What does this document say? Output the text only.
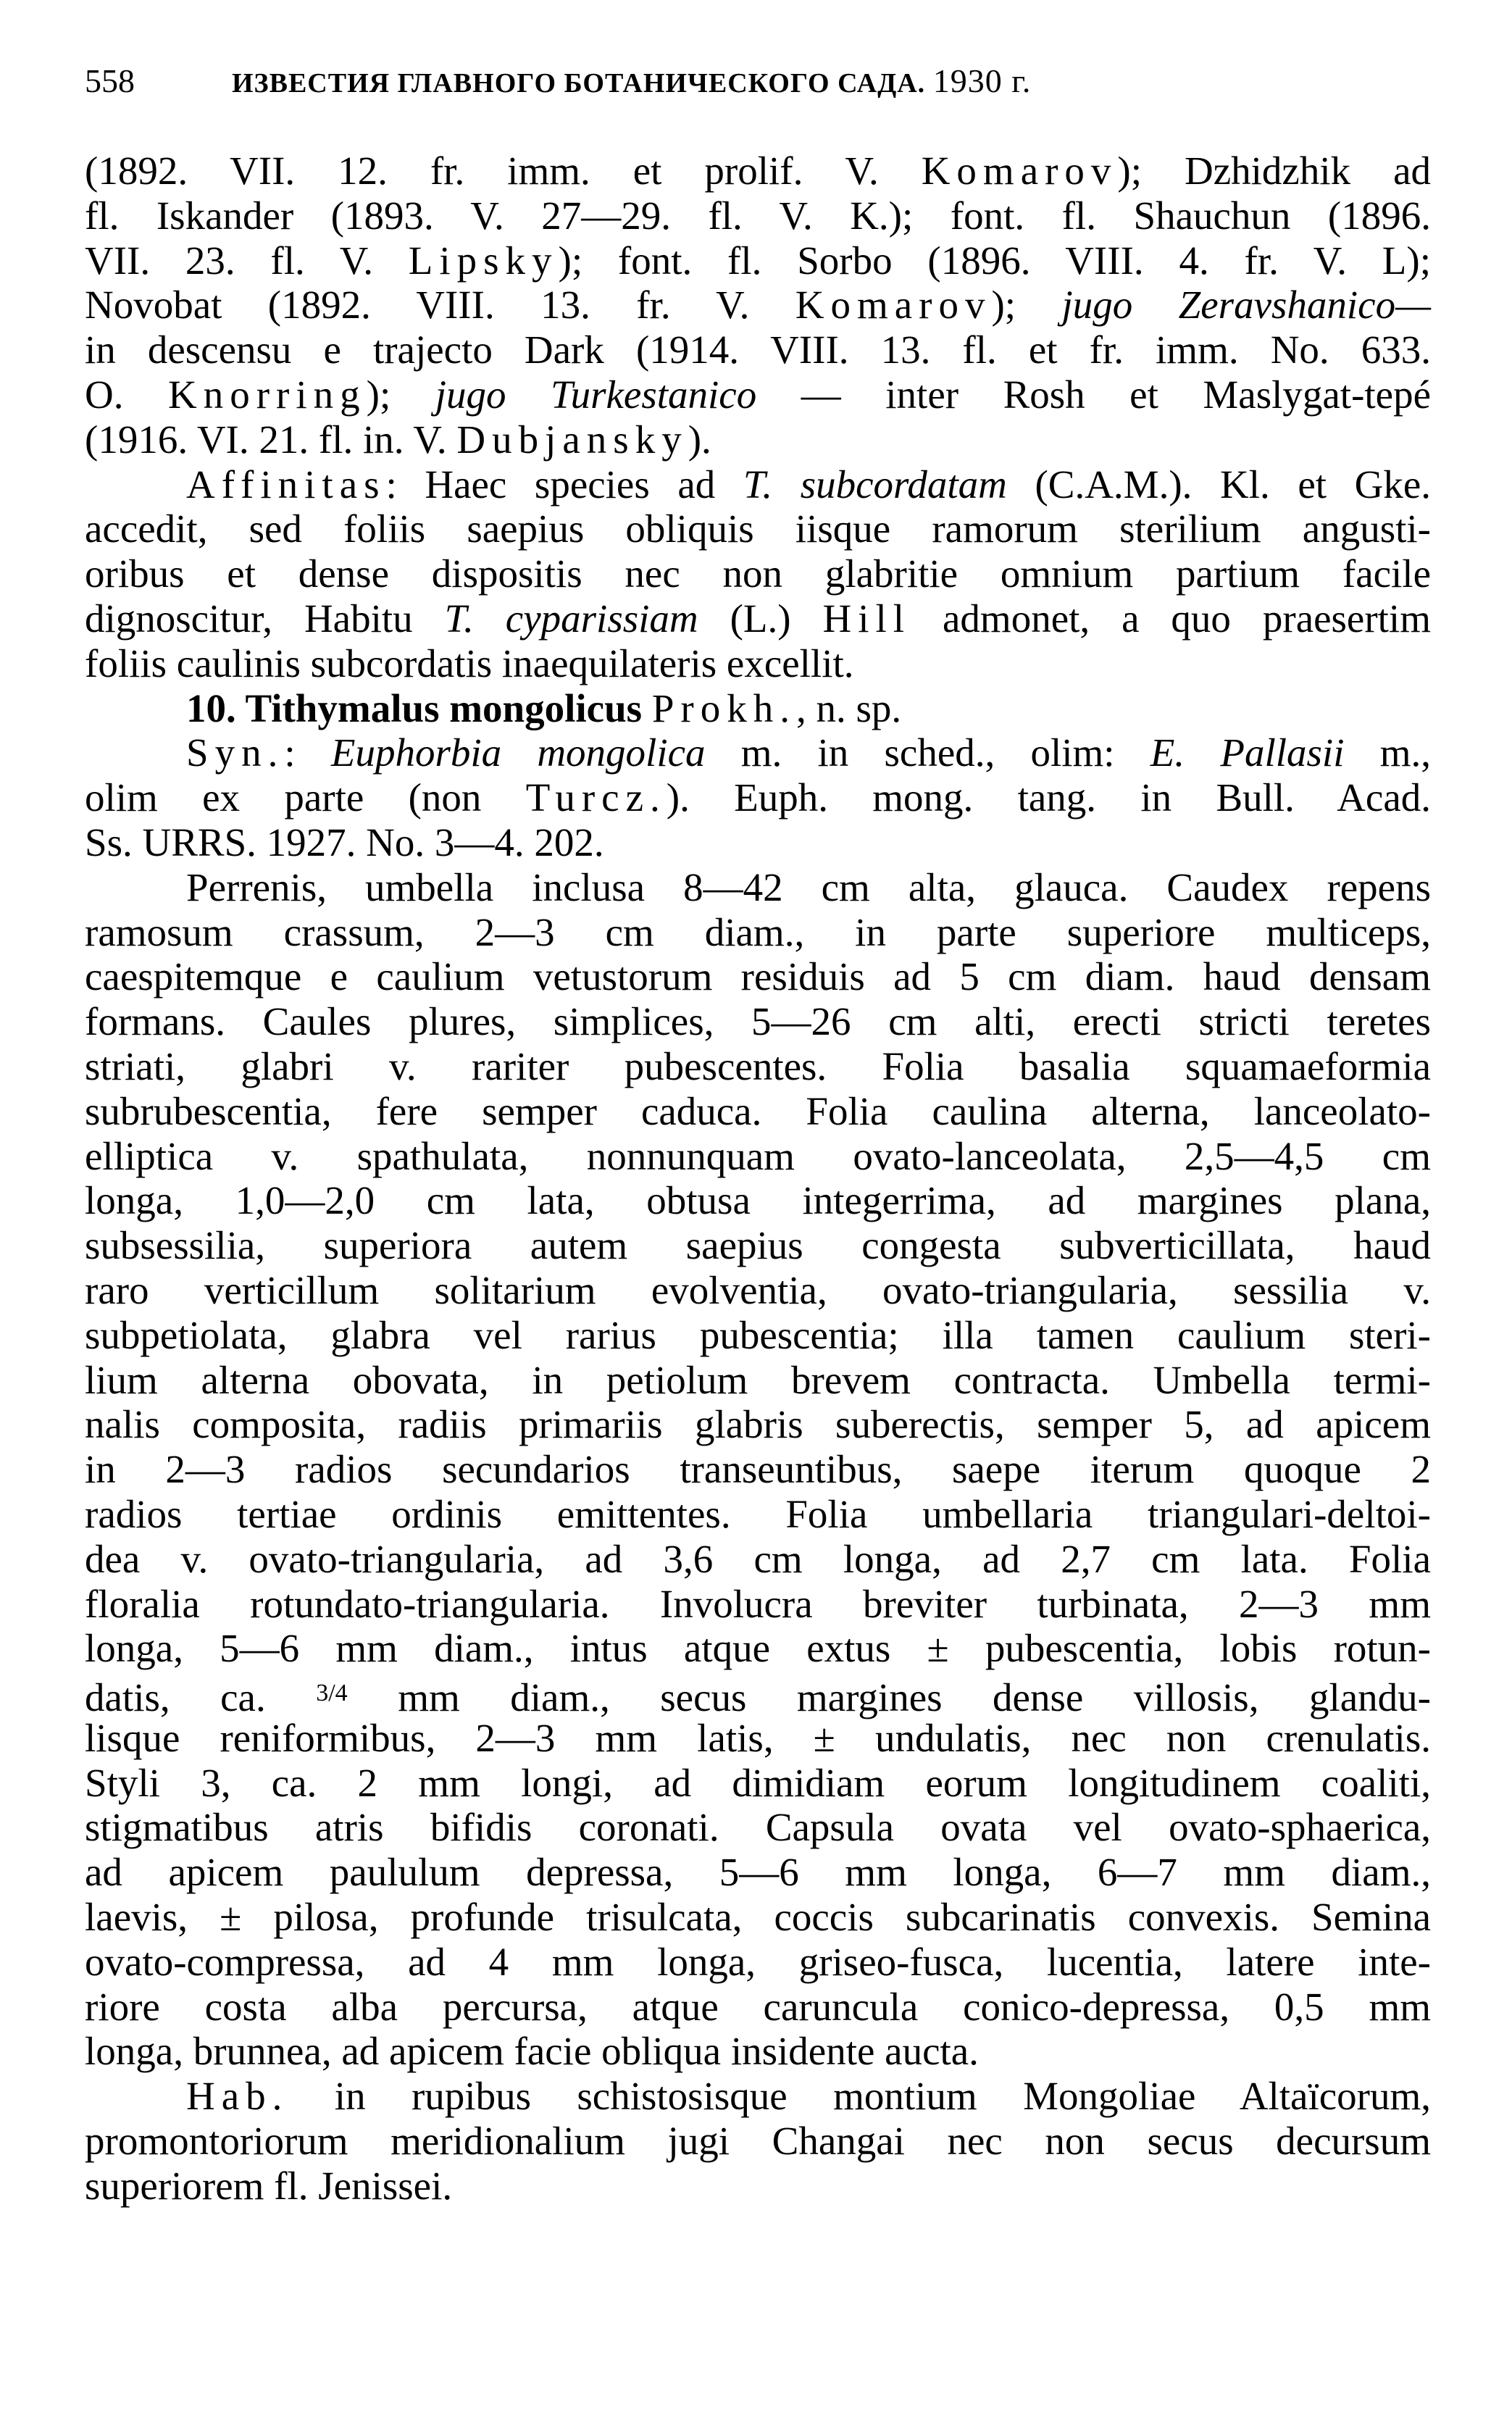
558	ИЗВЕСТИЯ ГЛАВНОГО БОТАНИЧЕСКОГО САДА. 1930 г.
(1892. VII. 12. fr. imm. et prolif. V. Komarov); Dzhidzhik ad
fl. Iskander (1893. V. 27—29. fl. V. K.); font. fl. Shauchun (1896.
VII. 23. fl. V. Lipsky); font. fl. Sorbo (1896. VIII. 4. fr. V. L);
Novobat (1892. VIII. 13. fr. V. Komarov); jugo Zeravshanico—
in descensu e trajecto Dark (1914. VIII. 13. fl. et fr. imm. No. 633.
O. Knorring); jugo Turkestanico — inter Rosh et Maslygat-tepé
(1916. VI. 21. fl. in. V. Dubjansky).
Affinitas: Haec species ad T. subcordatam (C.A.M.). Kl. et Gke.
accedit, sed foliis saepius obliquis iisque ramorum sterilium angusti-
oribus et dense dispositis nec non glabritie omnium partium facile
dignoscitur, Habitu T. cyparissiam (L.) Hill admonet, a quo praesertim
foliis caulinis subcordatis inaequilateris excellit.
10. Tithymalus mongolicus Prokh., n. sp.
Syn.: Euphorbia mongolica m. in sched., olim: E. Pallasii m.,
olim ex parte (non Turcz.). Euph. mong. tang. in Bull. Acad.
Ss. URRS. 1927. No. 3—4. 202.
Perrenis, umbella inclusa 8—42 cm alta, glauca. Caudex repens
ramosum crassum, 2—3 cm diam., in parte superiore multiceps,
caespitemque e caulium vetustorum residuis ad 5 cm diam. haud densam
formans. Caules plures, simplices, 5—26 cm alti, erecti stricti teretes
striati, glabri v. rariter pubescentes. Folia basalia squamaeformia
subrubescentia, fere semper caduca. Folia caulina alterna, lanceolato-
elliptica v. spathulata, nonnunquam ovato-lanceolata, 2,5—4,5 cm
longa, 1,0—2,0 cm lata, obtusa integerrima, ad margines plana,
subsessilia, superiora autem saepius congesta subverticillata, haud
raro verticillum solitarium evolventia, ovato-triangularia, sessilia v.
subpetiolata, glabra vel rarius pubescentia; illa tamen caulium steri-
lium alterna obovata, in petiolum brevem contracta. Umbella termi-
nalis composita, radiis primariis glabris suberectis, semper 5, ad apicem
in 2—3 radios secundarios transeuntibus, saepe iterum quoque 2
radios tertiae ordinis emittentes. Folia umbellaria triangulari-deltoi-
dea v. ovato-triangularia, ad 3,6 cm longa, ad 2,7 cm lata. Folia
floralia rotundato-triangularia. Involucra breviter turbinata, 2—3 mm
longa, 5—6 mm diam., intus atque extus ± pubescentia, lobis rotun-
datis, ca. $^{3/4}$ mm diam., secus margines dense villosis, glandu-
lisque reniformibus, 2—3 mm latis, ± undulatis, nec non crenulatis.
Styli 3, ca. 2 mm longi, ad dimidiam eorum longitudinem coaliti,
stigmatibus atris bifidis coronati. Capsula ovata vel ovato-sphaerica,
ad apicem paululum depressa, 5—6 mm longa, 6—7 mm diam.,
laevis, ± pilosa, profunde trisulcata, coccis subcarinatis convexis. Semina
ovato-compressa, ad 4 mm longa, griseo-fusca, lucentia, latere inte-
riore costa alba percursa, atque caruncula conico-depressa, 0,5 mm
longa, brunnea, ad apicem facie obliqua insidente aucta.
Hab. in rupibus schistosisque montium Mongoliae Altaïcorum,
promontoriorum meridionalium jugi Changai nec non secus decursum
superiorem fl. Jenissei.
